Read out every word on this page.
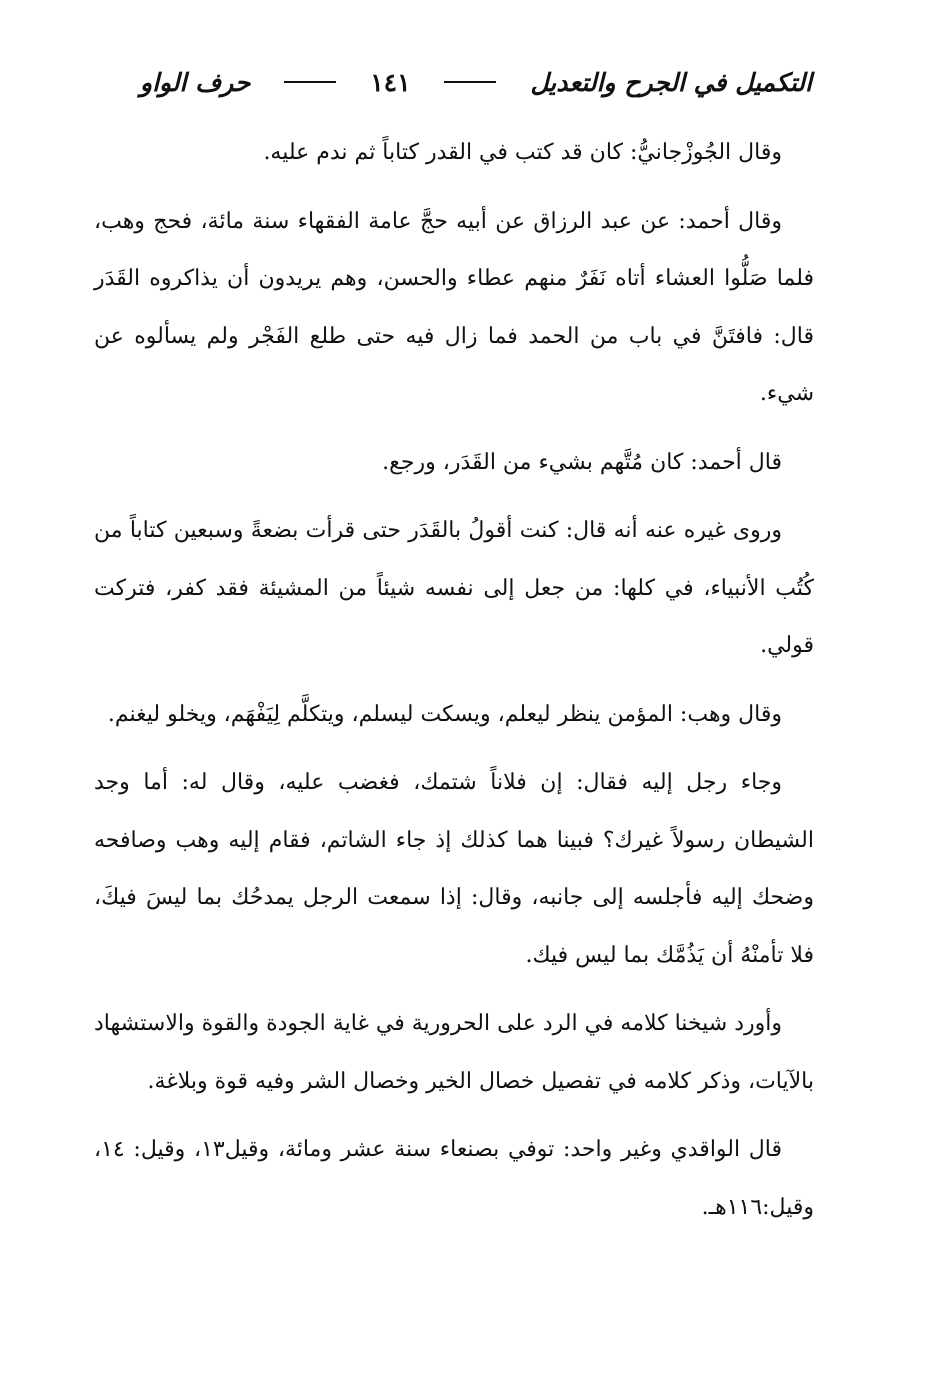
التكميل في الجرح والتعديل
١٤١
حرف الواو

وقال الجُوزْجانيُّ: كان قد كتب في القدر كتاباً ثم ندم عليه.

وقال أحمد: عن عبد الرزاق عن أبيه حجَّ عامة الفقهاء سنة مائة، فحج وهب، فلما صَلُّوا العشاء أتاه نَفَرٌ منهم عطاء والحسن، وهم يريدون أن يذاكروه القَدَر قال: فافتَنَّ في باب من الحمد فما زال فيه حتى طلع الفَجْر ولم يسألوه عن شيء.

قال أحمد: كان مُتَّهم بشيء من القَدَر، ورجع.

وروى غيره عنه أنه قال: كنت أقولُ بالقَدَر حتى قرأت بضعةً وسبعين كتاباً من كُتُب الأنبياء، في كلها: من جعل إلى نفسه شيئاً من المشيئة فقد كفر، فتركت قولي.

وقال وهب: المؤمن ينظر ليعلم، ويسكت ليسلم، ويتكلَّم لِيَفْهَم، ويخلو ليغنم.

وجاء رجل إليه فقال: إن فلاناً شتمك، فغضب عليه، وقال له: أما وجد الشيطان رسولاً غيرك؟ فبينا هما كذلك إذ جاء الشاتم، فقام إليه وهب وصافحه وضحك إليه فأجلسه إلى جانبه، وقال: إذا سمعت الرجل يمدحُك بما ليسَ فيكَ، فلا تأمنْهُ أن يَذُمَّك بما ليس فيك.

وأورد شيخنا كلامه في الرد على الحرورية في غاية الجودة والقوة والاستشهاد بالآيات، وذكر كلامه في تفصيل خصال الخير وخصال الشر وفيه قوة وبلاغة.

قال الواقدي وغير واحد: توفي بصنعاء سنة عشر ومائة، وقيل١٣، وقيل: ١٤، وقيل:١١٦هـ.
